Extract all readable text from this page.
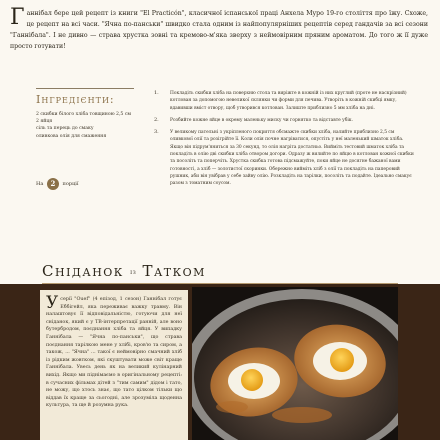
Г аннібал бере цей рецепт із книги "El Practicón", класичної іспанської праці Анхела Муро 19-го століття про їжу. Схоже, це рецепт на всі часи. "Ячна по-панськи" швидко стала одним із найпопулярніших рецептів серед гандачів за всі сезони "Ганнібала". І не дивно — страва хрустка зовні та кремово-м'яка зверху з неймовірним пряним ароматом. До того ж її дуже просто готувати!
Інгредієнти:
2 скибки білого хліба товщиною 2,5 см
2 яйця
сіль та перець до смаку
оливкова олія для смаження
На 2 порції
1.	Покладіть скибки хліба на поверхню стола та виріжте в кожній із них круглий (проте не наскрізний) котлован за допомогою невеликої склянки чи форми для печива. Утворіть в кожній скибці ямку, вдавивши вміст отвору, щоб утворився котлован. Залиште приблизно 5 мм хліба на дні.
2.	Розбийте кожне яйце в окрему маленьку миску чи горнятко та відставте убік.
3.	У великому пательні з укріпленого покриття обсмажте скибки хліба, налийте приблизно 2,5 см оливкової олії та розігрійте її. Коли олія почне нагріватися, опустіть у неї маленький шматок хліба. Якщо він підрум'яниться за 30 секунд, то олія нагріта достатньо. Вийміть тестовий шматок хліба та покладіть в олію дві скибки хліба отвором догори. Одразу ж вилийте по яйцю в котлован кожної скибки та посоліть та поперчіть. Хрустка скибка готова підсмажуйте, поки яйце не досягне бажаної вами готовності, а хліб — золотистої скоринки. Обережно вийміть хліб з олії та покладіть на паперовий рушник, аби він увібрав у себе зайву олію. Розкладіть на тарілки, посоліть та подайте. Ідеально смакує разом з томатним соусом.
Сніданок із Татком
У серії "Оuef" (4 епізод, 1 сезон) Ганнібал готує Еббігейл, яка переживає важку травму. Він налаштовує її відповідальністю, готуючи для неї сніданок, який є у ТВ-інтерпретації ранній, але воно бутербродом, поєднання хліба та яйця. У випадку Ганнібала — "Ячна по-панськи", що страва поєднання тарілкою мене у хлібі, кров'ю та сиром, а також, ... "Ячна" ... такої є неймовірно смачний хліб із рідким жовтком, які скуштувати може світ краще Ганнібала. Увесь день як на великий кулінарний вихід. Якщо ми піднімаємо в оригінальному рецепті: в сучасних фільмах дітей з "тим самим" дідом і тато, не можу, що хтось знає, що тато цілком тільки що віддав їх краще за сьогодні, але зрозуміла щоденна культура, та ще й розумна рука.
